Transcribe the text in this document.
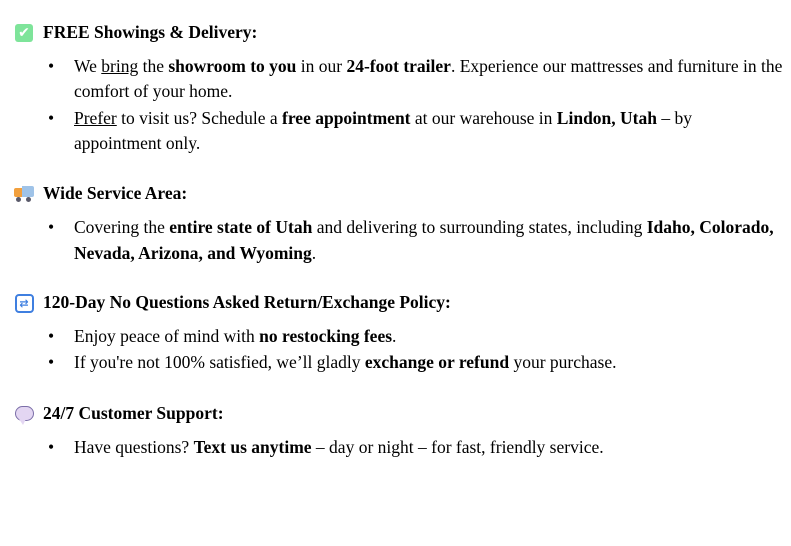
✔ FREE Showings & Delivery:
• We bring the showroom to you in our 24-foot trailer. Experience our mattresses and furniture in the comfort of your home.
• Prefer to visit us? Schedule a free appointment at our warehouse in Lindon, Utah – by appointment only.
Wide Service Area:
• Covering the entire state of Utah and delivering to surrounding states, including Idaho, Colorado, Nevada, Arizona, and Wyoming.
⇄ 120-Day No Questions Asked Return/Exchange Policy:
• Enjoy peace of mind with no restocking fees.
• If you're not 100% satisfied, we’ll gladly exchange or refund your purchase.
24/7 Customer Support:
• Have questions? Text us anytime – day or night – for fast, friendly service.
